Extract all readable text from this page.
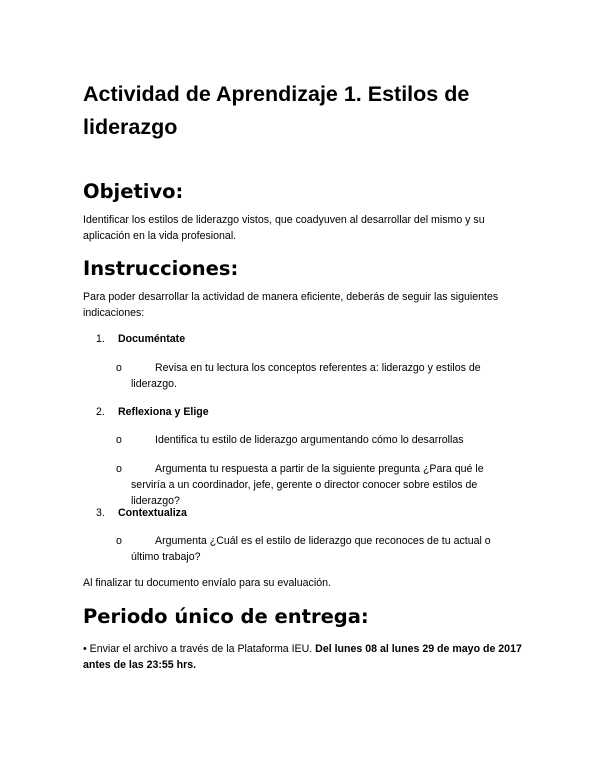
Actividad de Aprendizaje 1. Estilos de liderazgo
Objetivo:

Identificar los estilos de liderazgo vistos, que coadyuven al desarrollar del mismo y su aplicación en la vida profesional.

Instrucciones:

Para poder desarrollar la actividad de manera eficiente, deberás de seguir las siguientes indicaciones:

1. Documéntate
o	Revisa en tu lectura los conceptos referentes a: liderazgo y estilos de liderazgo.

2. Reflexiona y Elige
o	Identifica tu estilo de liderazgo argumentando cómo lo desarrollas

o	Argumenta tu respuesta a partir de la siguiente pregunta ¿Para qué le serviría a un coordinador, jefe, gerente o director conocer sobre estilos de liderazgo?

3. Contextualiza
o	Argumenta ¿Cuál es el estilo de liderazgo que reconoces de tu actual o último trabajo?

Al finalizar tu documento envíalo para su evaluación.

Periodo único de entrega:

• Enviar el archivo a través de la Plataforma IEU. Del lunes 08 al lunes 29 de mayo de 2017 antes de las 23:55 hrs.
